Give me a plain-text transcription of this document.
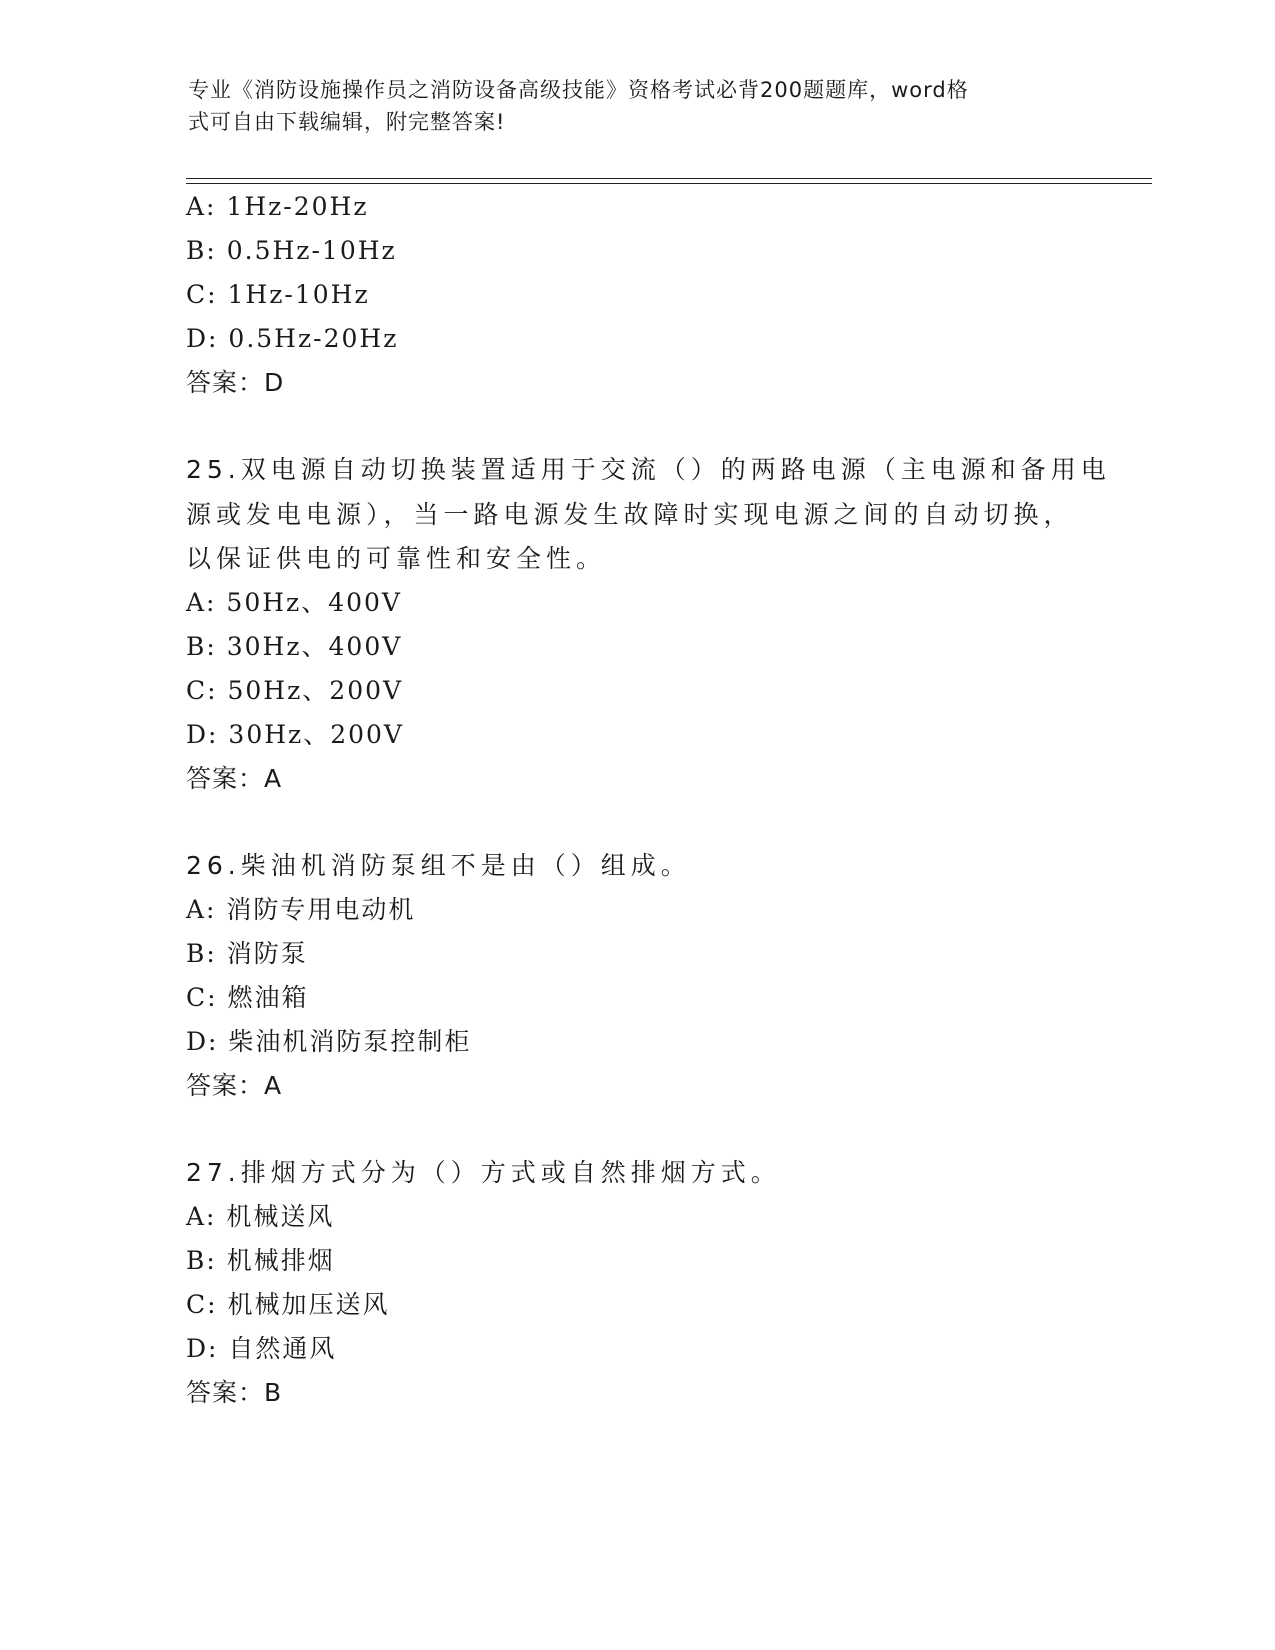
专业《消防设施操作员之消防设备高级技能》资格考试必背200题题库，word格
式可自由下载编辑，附完整答案!
A: 1Hz-20Hz
B: 0.5Hz-10Hz
C: 1Hz-10Hz
D: 0.5Hz-20Hz
答案：D
25.双电源自动切换装置适用于交流（）的两路电源（主电源和备用电
源或发电电源），当一路电源发生故障时实现电源之间的自动切换，
以保证供电的可靠性和安全性。
A: 50Hz、400V
B: 30Hz、400V
C: 50Hz、200V
D: 30Hz、200V
答案：A
26.柴油机消防泵组不是由（）组成。
A: 消防专用电动机
B: 消防泵
C: 燃油箱
D: 柴油机消防泵控制柜
答案：A
27.排烟方式分为（）方式或自然排烟方式。
A: 机械送风
B: 机械排烟
C: 机械加压送风
D: 自然通风
答案：B
